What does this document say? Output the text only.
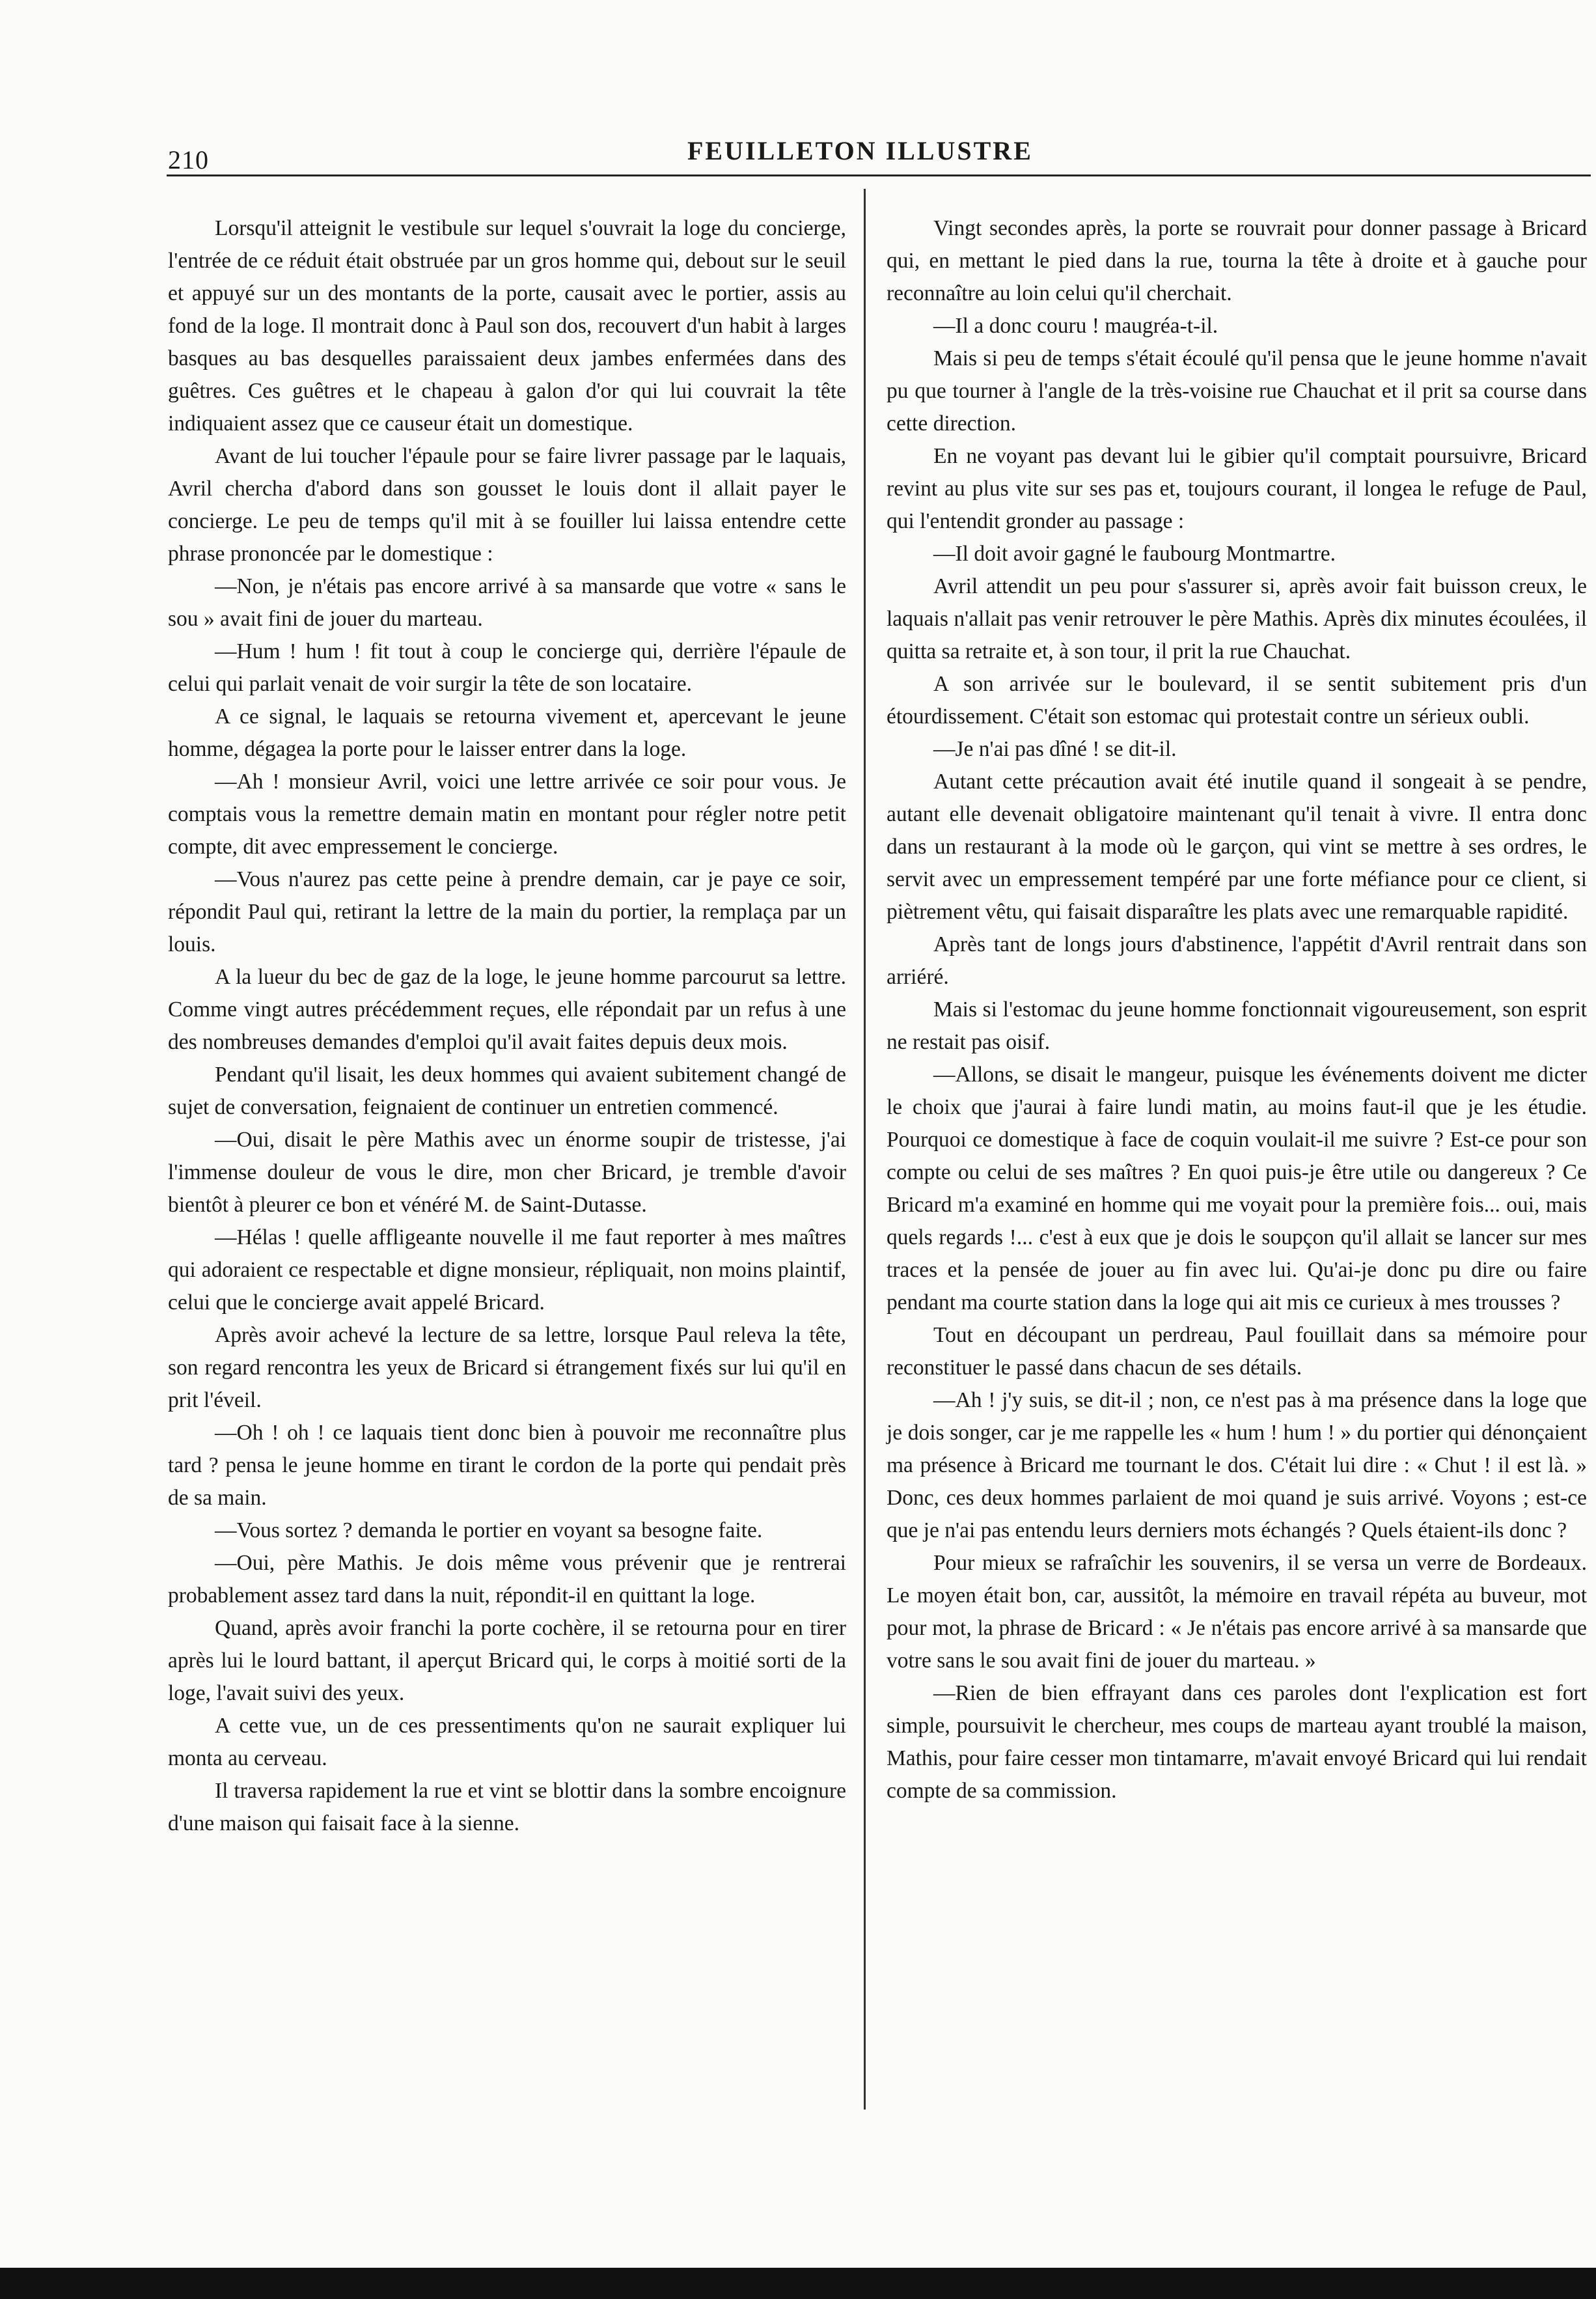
210	FEUILLETON ILLUSTRE

Lorsqu'il atteignit le vestibule sur lequel s'ouvrait la loge du concierge, l'entrée de ce réduit était obstruée par un gros homme qui, debout sur le seuil et appuyé sur un des montants de la porte, causait avec le portier, assis au fond de la loge. Il montrait donc à Paul son dos, recouvert d'un habit à larges basques au bas desquelles paraissaient deux jambes enfermées dans des guêtres. Ces guêtres et le chapeau à galon d'or qui lui couvrait la tête indiquaient assez que ce causeur était un domestique.

Avant de lui toucher l'épaule pour se faire livrer passage par le laquais, Avril chercha d'abord dans son gousset le louis dont il allait payer le concierge. Le peu de temps qu'il mit à se fouiller lui laissa entendre cette phrase prononcée par le domestique :

—Non, je n'étais pas encore arrivé à sa mansarde que votre « sans le sou » avait fini de jouer du marteau.

—Hum ! hum ! fit tout à coup le concierge qui, derrière l'épaule de celui qui parlait venait de voir surgir la tête de son locataire.

A ce signal, le laquais se retourna vivement et, apercevant le jeune homme, dégagea la porte pour le laisser entrer dans la loge.

—Ah ! monsieur Avril, voici une lettre arrivée ce soir pour vous. Je comptais vous la remettre demain matin en montant pour régler notre petit compte, dit avec empressement le concierge.

—Vous n'aurez pas cette peine à prendre demain, car je paye ce soir, répondit Paul qui, retirant la lettre de la main du portier, la remplaça par un louis.

A la lueur du bec de gaz de la loge, le jeune homme parcourut sa lettre. Comme vingt autres précédemment reçues, elle répondait par un refus à une des nombreuses demandes d'emploi qu'il avait faites depuis deux mois.

Pendant qu'il lisait, les deux hommes qui avaient subitement changé de sujet de conversation, feignaient de continuer un entretien commencé.

—Oui, disait le père Mathis avec un énorme soupir de tristesse, j'ai l'immense douleur de vous le dire, mon cher Bricard, je tremble d'avoir bientôt à pleurer ce bon et vénéré M. de Saint-Dutasse.

—Hélas ! quelle affligeante nouvelle il me faut reporter à mes maîtres qui adoraient ce respectable et digne monsieur, répliquait, non moins plaintif, celui que le concierge avait appelé Bricard.

Après avoir achevé la lecture de sa lettre, lorsque Paul releva la tête, son regard rencontra les yeux de Bricard si étrangement fixés sur lui qu'il en prit l'éveil.

—Oh ! oh ! ce laquais tient donc bien à pouvoir me reconnaître plus tard ? pensa le jeune homme en tirant le cordon de la porte qui pendait près de sa main.

—Vous sortez ? demanda le portier en voyant sa besogne faite.

—Oui, père Mathis. Je dois même vous prévenir que je rentrerai probablement assez tard dans la nuit, répondit-il en quittant la loge.

Quand, après avoir franchi la porte cochère, il se retourna pour en tirer après lui le lourd battant, il aperçut Bricard qui, le corps à moitié sorti de la loge, l'avait suivi des yeux.

A cette vue, un de ces pressentiments qu'on ne saurait expliquer lui monta au cerveau.

Il traversa rapidement la rue et vint se blottir dans la sombre encoignure d'une maison qui faisait face à la sienne.

Vingt secondes après, la porte se rouvrait pour donner passage à Bricard qui, en mettant le pied dans la rue, tourna la tête à droite et à gauche pour reconnaître au loin celui qu'il cherchait.

—Il a donc couru ! maugréa-t-il.

Mais si peu de temps s'était écoulé qu'il pensa que le jeune homme n'avait pu que tourner à l'angle de la très-voisine rue Chauchat et il prit sa course dans cette direction.

En ne voyant pas devant lui le gibier qu'il comptait poursuivre, Bricard revint au plus vite sur ses pas et, toujours courant, il longea le refuge de Paul, qui l'entendit gronder au passage :

—Il doit avoir gagné le faubourg Montmartre.

Avril attendit un peu pour s'assurer si, après avoir fait buisson creux, le laquais n'allait pas venir retrouver le père Mathis. Après dix minutes écoulées, il quitta sa retraite et, à son tour, il prit la rue Chauchat.

A son arrivée sur le boulevard, il se sentit subitement pris d'un étourdissement. C'était son estomac qui protestait contre un sérieux oubli.

—Je n'ai pas dîné ! se dit-il.

Autant cette précaution avait été inutile quand il songeait à se pendre, autant elle devenait obligatoire maintenant qu'il tenait à vivre. Il entra donc dans un restaurant à la mode où le garçon, qui vint se mettre à ses ordres, le servit avec un empressement tempéré par une forte méfiance pour ce client, si piètrement vêtu, qui faisait disparaître les plats avec une remarquable rapidité.

Après tant de longs jours d'abstinence, l'appétit d'Avril rentrait dans son arriéré.

Mais si l'estomac du jeune homme fonctionnait vigoureusement, son esprit ne restait pas oisif.

—Allons, se disait le mangeur, puisque les événements doivent me dicter le choix que j'aurai à faire lundi matin, au moins faut-il que je les étudie. Pourquoi ce domestique à face de coquin voulait-il me suivre ? Est-ce pour son compte ou celui de ses maîtres ? En quoi puis-je être utile ou dangereux ? Ce Bricard m'a examiné en homme qui me voyait pour la première fois... oui, mais quels regards !... c'est à eux que je dois le soupçon qu'il allait se lancer sur mes traces et la pensée de jouer au fin avec lui. Qu'ai-je donc pu dire ou faire pendant ma courte station dans la loge qui ait mis ce curieux à mes trousses ?

Tout en découpant un perdreau, Paul fouillait dans sa mémoire pour reconstituer le passé dans chacun de ses détails.

—Ah ! j'y suis, se dit-il ; non, ce n'est pas à ma présence dans la loge que je dois songer, car je me rappelle les « hum ! hum ! » du portier qui dénonçaient ma présence à Bricard me tournant le dos. C'était lui dire : « Chut ! il est là. » Donc, ces deux hommes parlaient de moi quand je suis arrivé. Voyons ; est-ce que je n'ai pas entendu leurs derniers mots échangés ? Quels étaient-ils donc ?

Pour mieux se rafraîchir les souvenirs, il se versa un verre de Bordeaux. Le moyen était bon, car, aussitôt, la mémoire en travail répéta au buveur, mot pour mot, la phrase de Bricard : « Je n'étais pas encore arrivé à sa mansarde que votre sans le sou avait fini de jouer du marteau. »

—Rien de bien effrayant dans ces paroles dont l'explication est fort simple, poursuivit le chercheur, mes coups de marteau ayant troublé la maison, Mathis, pour faire cesser mon tintamarre, m'avait envoyé Bricard qui lui rendait compte de sa commission.
